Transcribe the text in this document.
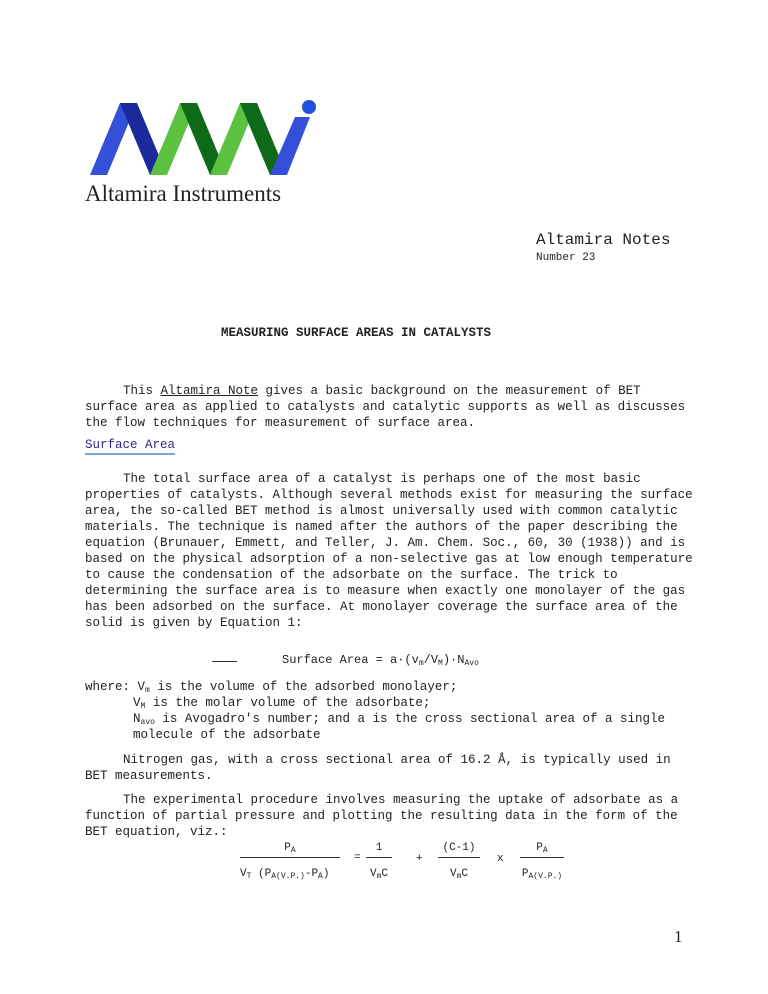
Altamira Instruments
Altamira Notes
Number 23
MEASURING SURFACE AREAS IN CATALYSTS
This Altamira Note gives a basic background on the measurement of BET surface area as applied to catalysts and catalytic supports as well as discusses the flow techniques for measurement of surface area.
Surface Area
The total surface area of a catalyst is perhaps one of the most basic properties of catalysts. Although several methods exist for measuring the surface area, the so-called BET method is almost universally used with common catalytic materials. The technique is named after the authors of the paper describing the equation (Brunauer, Emmett, and Teller, J. Am. Chem. Soc., 60, 30 (1938)) and is based on the physical adsorption of a non-selective gas at low enough temperature to cause the condensation of the adsorbate on the surface. The trick to determining the surface area is to measure when exactly one monolayer of the gas has been adsorbed on the surface. At monolayer coverage the surface area of the solid is given by Equation 1:
Surface Area = $a\cdot(v_m/V_M)\cdot N_{Avo}$
where: $V_m$ is the volume of the adsorbed monolayer;
$V_M$ is the molar volume of the adsorbate;
$N_{avo}$ is Avogadro's number; and a is the cross sectional area of a single
molecule of the adsorbate
Nitrogen gas, with a cross sectional area of 16.2 Å, is typically used in BET measurements.
The experimental procedure involves measuring the uptake of adsorbate as a function of partial pressure and plotting the resulting data in the form of the BET equation, viz.:
$P_A$
$V_T$ $(P_{A(V.P.)}-P_A)$
=
1
$V_mC$
+
(C-1)
$V_mC$
x
$P_A$
$P_{A(V.P.)}$
1
